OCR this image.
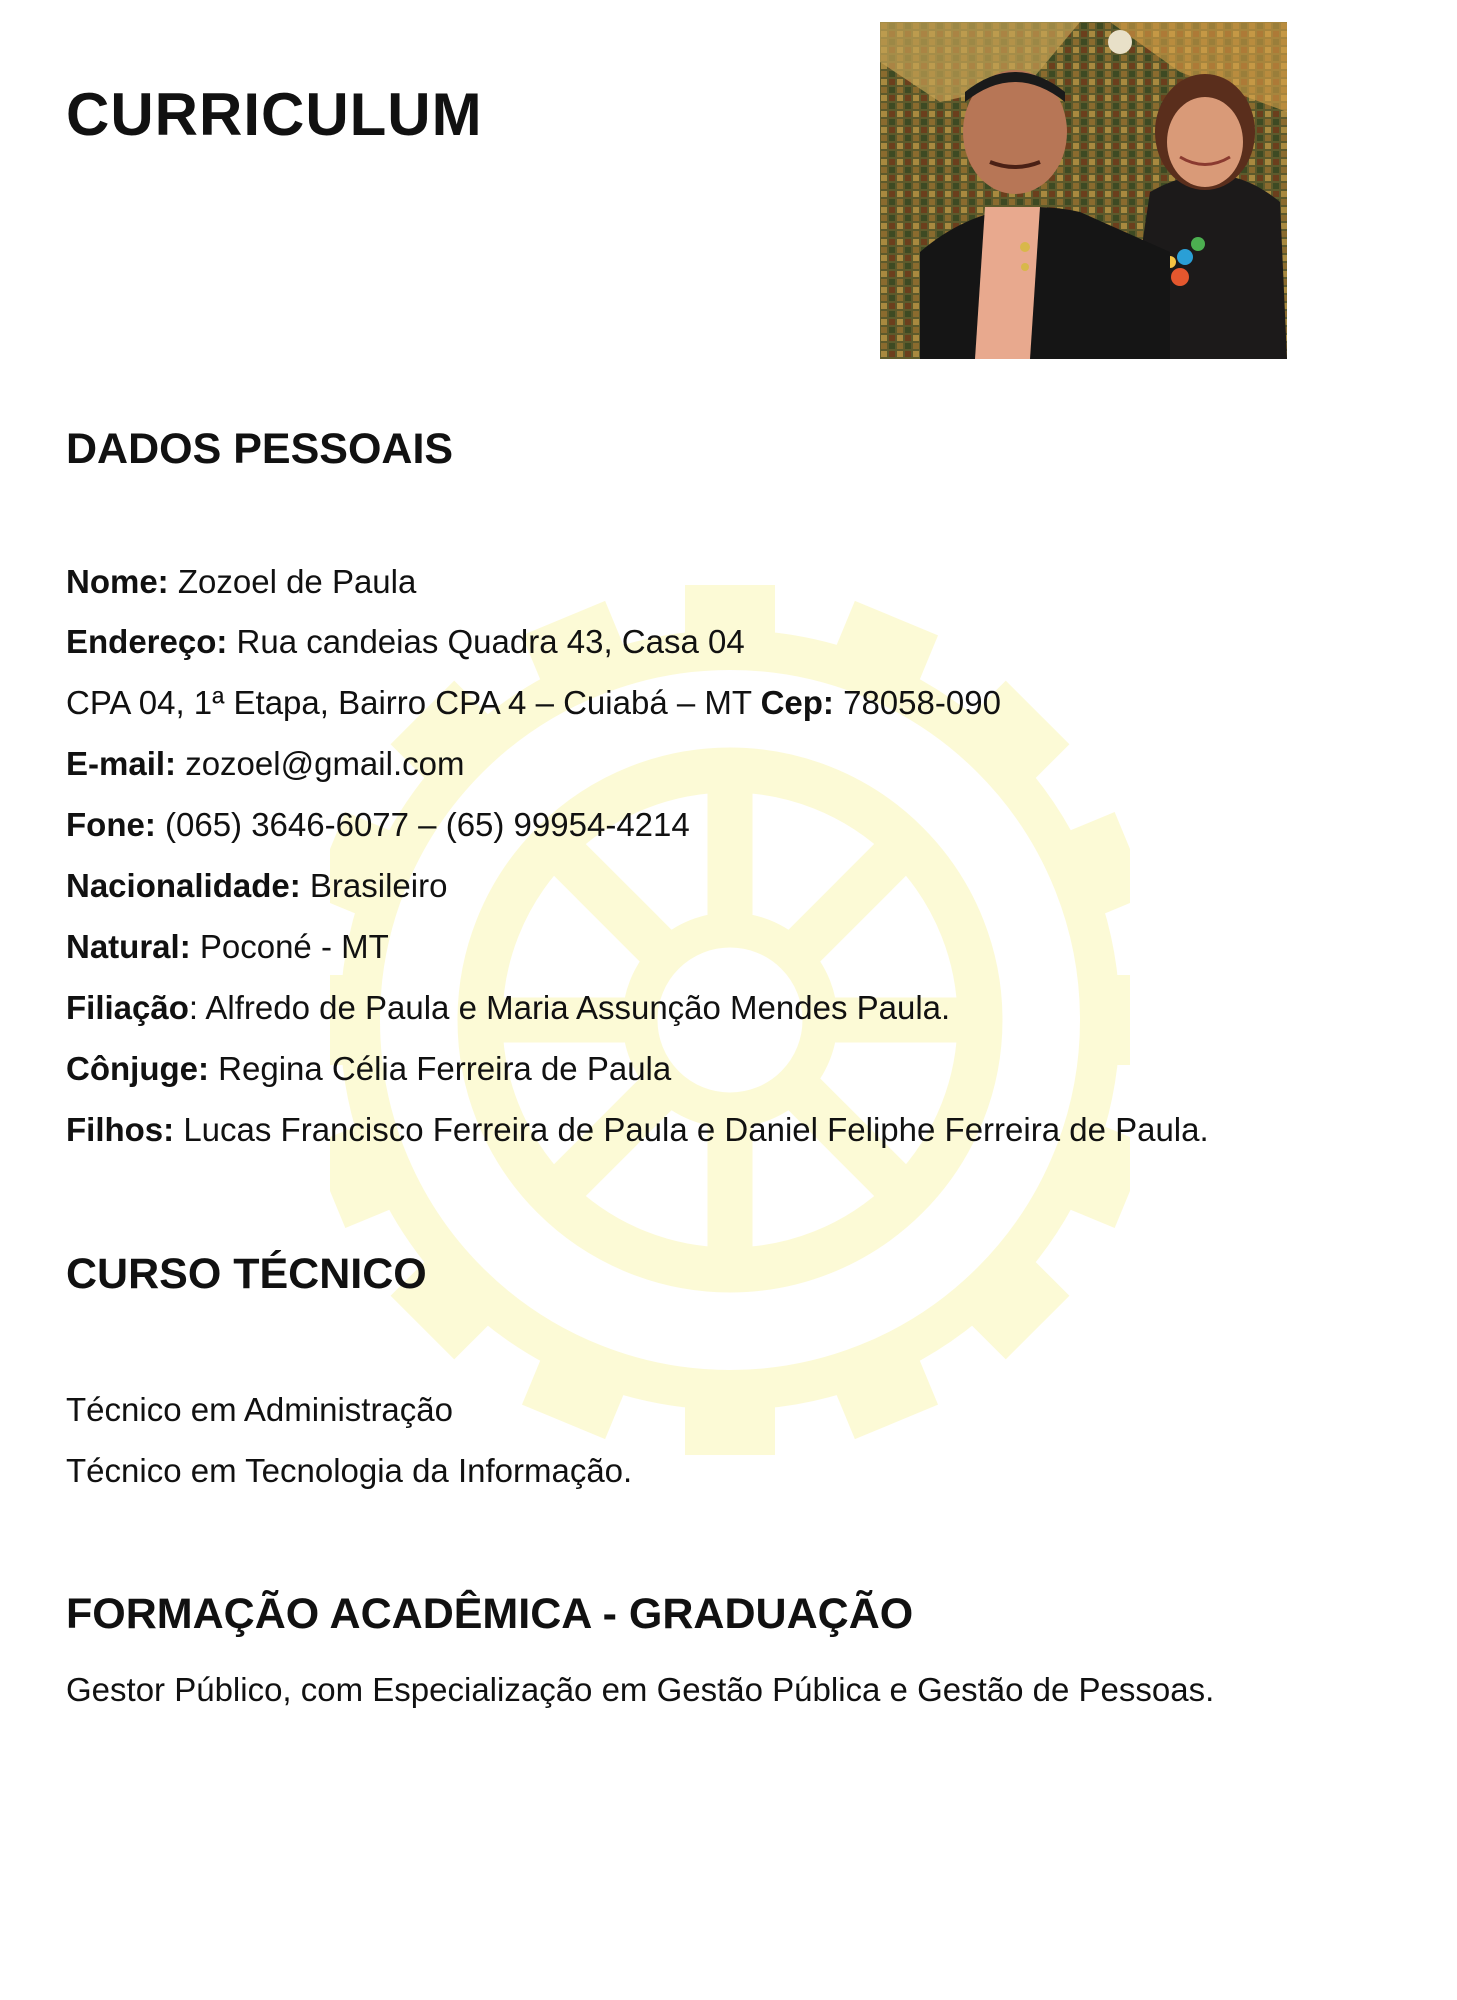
CURRICULUM
DADOS PESSOAIS
Nome: Zozoel de Paula
Endereço: Rua candeias Quadra 43, Casa 04
CPA 04, 1ª Etapa, Bairro CPA 4 – Cuiabá – MT Cep: 78058-090
E-mail: zozoel@gmail.com
Fone: (065) 3646-6077 – (65) 99954-4214
Nacionalidade: Brasileiro
Natural: Poconé - MT
Filiação: Alfredo de Paula e Maria Assunção Mendes Paula.
Cônjuge: Regina Célia Ferreira de Paula
Filhos: Lucas Francisco Ferreira de Paula e Daniel Feliphe Ferreira de Paula.
CURSO TÉCNICO
Técnico em Administração
Técnico em Tecnologia da Informação.
FORMAÇÃO ACADÊMICA - GRADUAÇÃO
Gestor Público, com Especialização em Gestão Pública e Gestão de Pessoas.
